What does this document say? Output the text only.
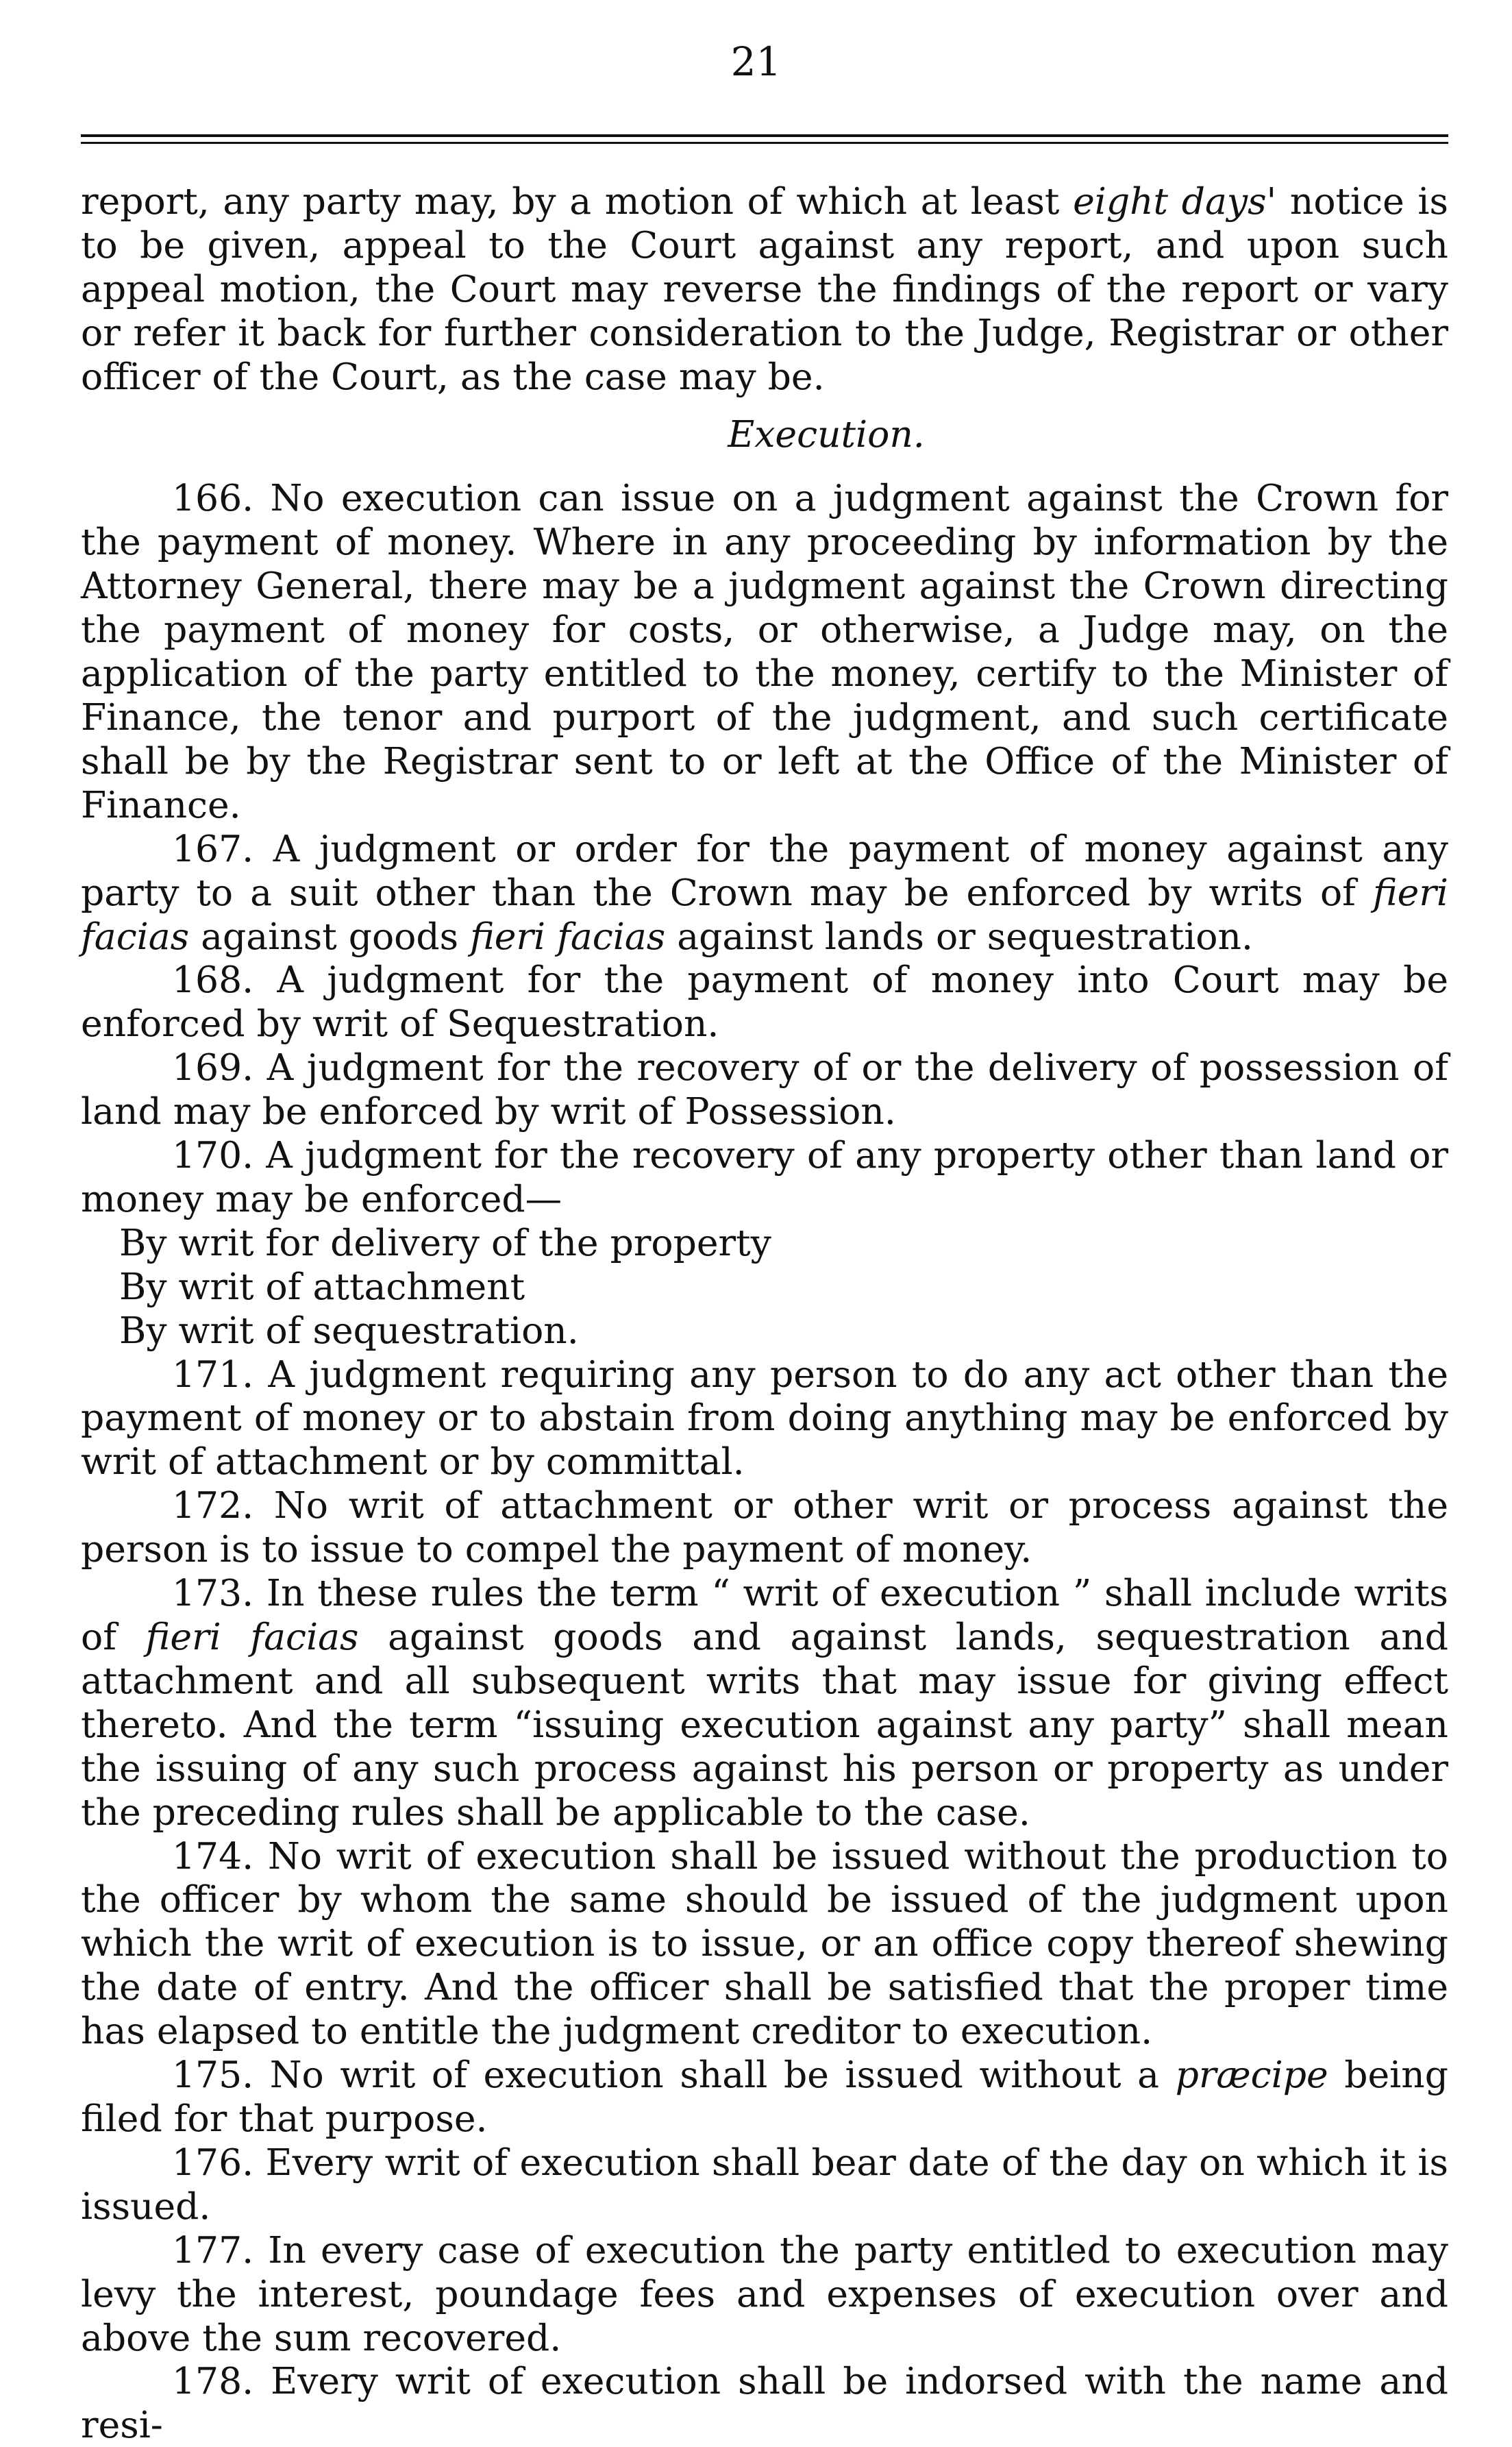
21

report, any party may, by a motion of which at least eight days' notice is to be given, appeal to the Court against any report, and upon such appeal motion, the Court may reverse the findings of the report or vary or refer it back for further consideration to the Judge, Registrar or other officer of the Court, as the case may be.

Execution.

166. No execution can issue on a judgment against the Crown for the payment of money. Where in any proceeding by information by the Attorney General, there may be a judgment against the Crown directing the payment of money for costs, or otherwise, a Judge may, on the application of the party entitled to the money, certify to the Minister of Finance, the tenor and purport of the judgment, and such certificate shall be by the Registrar sent to or left at the Office of the Minister of Finance.

167. A judgment or order for the payment of money against any party to a suit other than the Crown may be enforced by writs of fieri facias against goods fieri facias against lands or sequestration.

168. A judgment for the payment of money into Court may be enforced by writ of Sequestration.

169. A judgment for the recovery of or the delivery of possession of land may be enforced by writ of Possession.

170. A judgment for the recovery of any property other than land or money may be enforced—

By writ for delivery of the property

By writ of attachment

By writ of sequestration.

171. A judgment requiring any person to do any act other than the payment of money or to abstain from doing anything may be enforced by writ of attachment or by committal.

172. No writ of attachment or other writ or process against the person is to issue to compel the payment of money.

173. In these rules the term “ writ of execution ” shall include writs of fieri facias against goods and against lands, sequestration and attachment and all subsequent writs that may issue for giving effect thereto. And the term “issuing execution against any party” shall mean the issuing of any such process against his person or property as under the preceding rules shall be applicable to the case.

174. No writ of execution shall be issued without the production to the officer by whom the same should be issued of the judgment upon which the writ of execution is to issue, or an office copy thereof shewing the date of entry. And the officer shall be satisfied that the proper time has elapsed to entitle the judgment creditor to execution.

175. No writ of execution shall be issued without a præcipe being filed for that purpose.

176. Every writ of execution shall bear date of the day on which it is issued.

177. In every case of execution the party entitled to execution may levy the interest, poundage fees and expenses of execution over and above the sum recovered.

178. Every writ of execution shall be indorsed with the name and resi-
